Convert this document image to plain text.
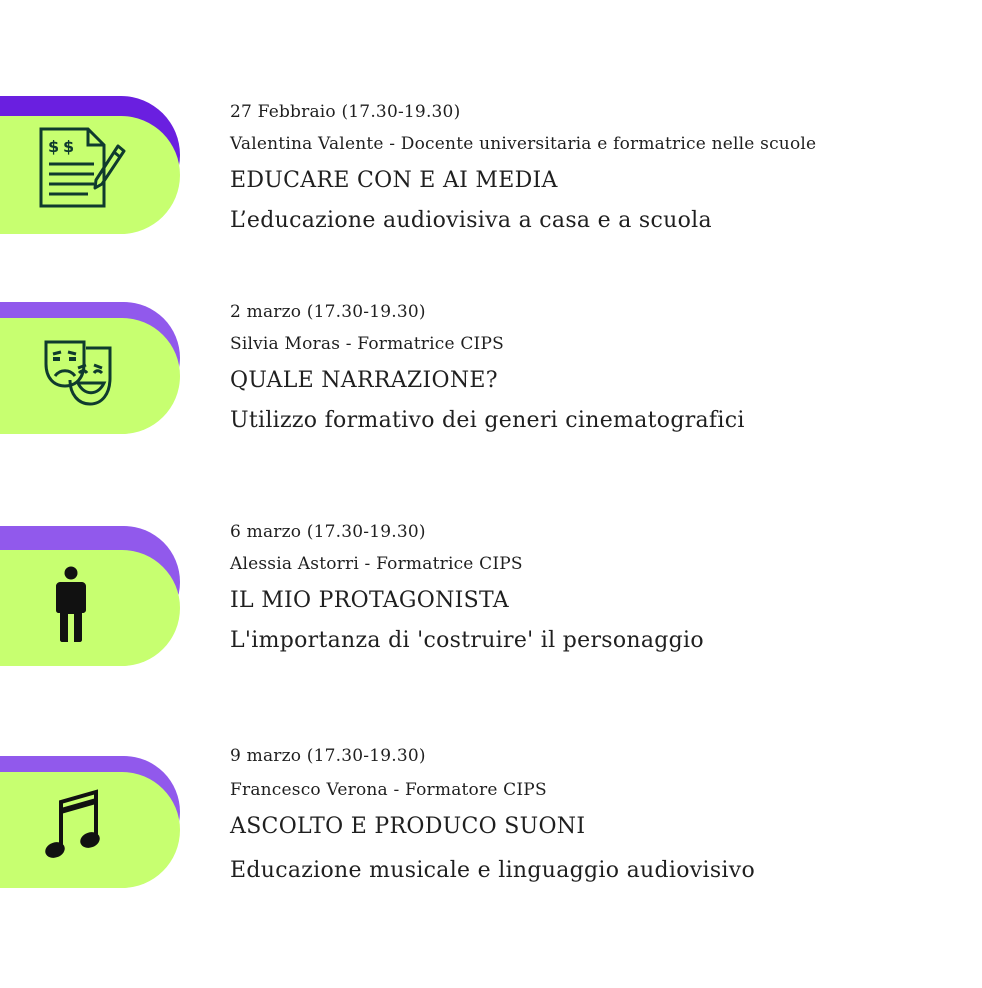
$ $
27 Febbraio (17.30-19.30)
Valentina Valente - Docente universitaria e formatrice nelle scuole
EDUCARE CON E AI MEDIA
L’educazione audiovisiva a casa e a scuola
2 marzo (17.30-19.30)
Silvia Moras - Formatrice CIPS
QUALE NARRAZIONE?
Utilizzo formativo dei generi cinematografici
6 marzo (17.30-19.30)
Alessia Astorri - Formatrice CIPS
IL MIO PROTAGONISTA
L'importanza di 'costruire' il personaggio
9 marzo (17.30-19.30)
Francesco Verona - Formatore CIPS
ASCOLTO E PRODUCO SUONI
Educazione musicale e linguaggio audiovisivo
